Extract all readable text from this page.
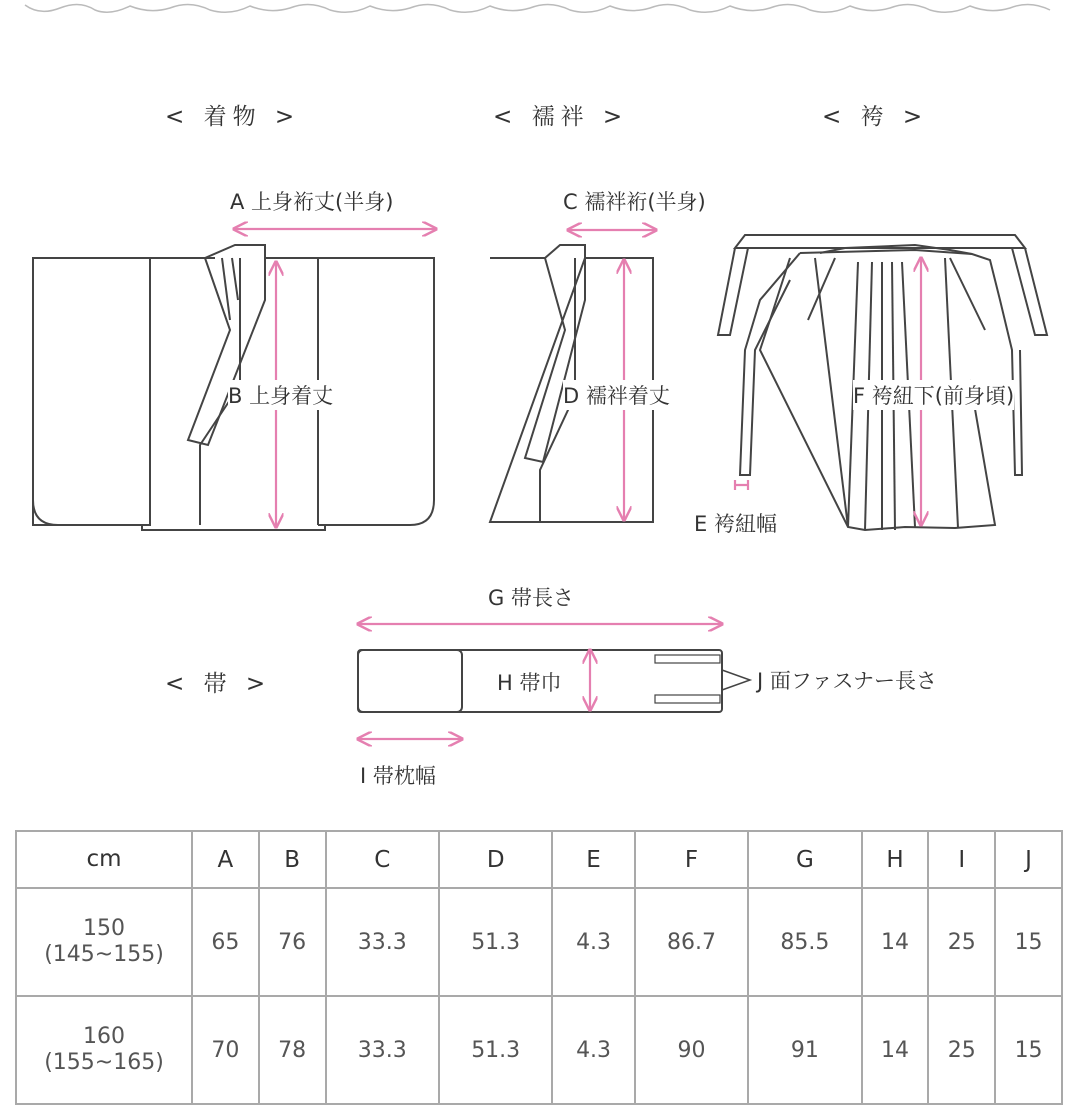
< 着物 >	< 襦袢 >	< 袴 >
< 帯 >
A 上身裄丈(半身)
B 上身着丈
C 襦袢裄(半身)
D 襦袢着丈
E 袴紐幅
F 袴紐下(前身頃)
G 帯長さ
H 帯巾
I 帯枕幅
J 面ファスナー長さ
cm	A	B	C	D	E	F	G	H	I	J

150
(145~155)	65	76	33.3	51.3	4.3	86.7	85.5	14	25	15

160
(155~165)	70	78	33.3	51.3	4.3	90	91	14	25	15
